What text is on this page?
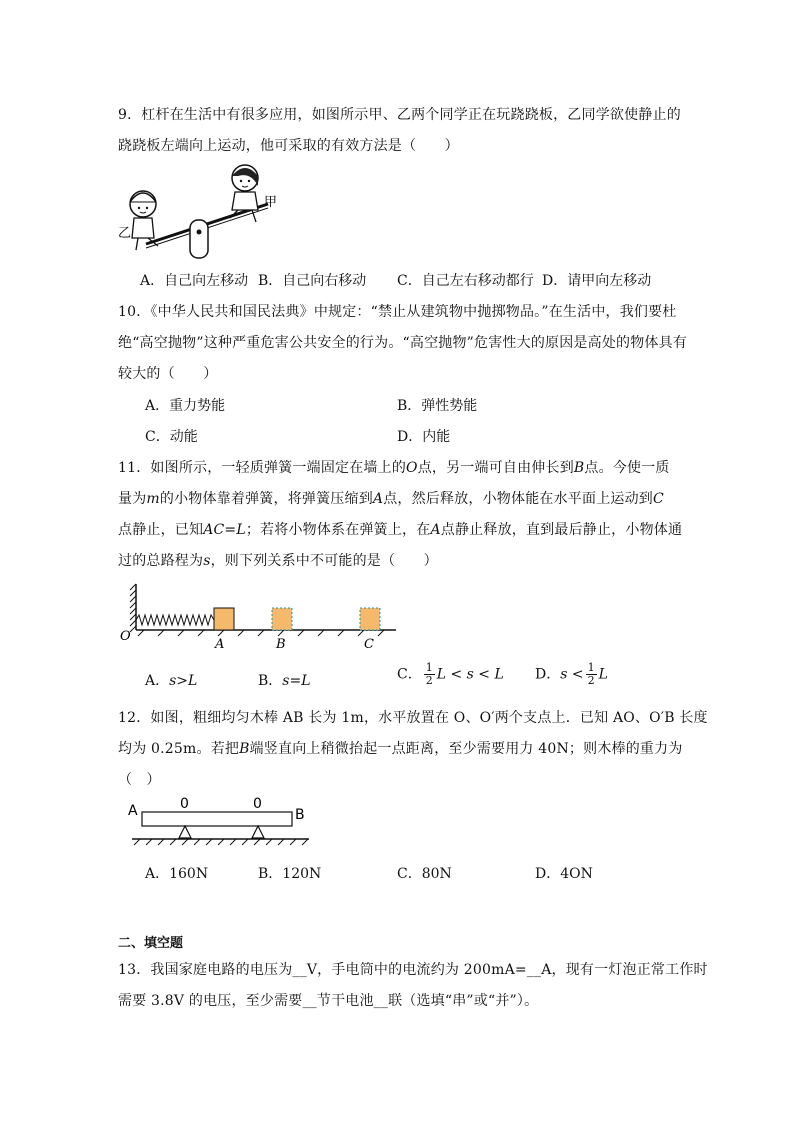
9．杠杆在生活中有很多应用，如图所示甲、乙两个同学正在玩跷跷板，乙同学欲使静止的
跷跷板左端向上运动，他可采取的有效方法是（　　）
甲
乙
A．自己向左移动 B．自己向右移动 C．自己左右移动都行 D．请甲向左移动
10．《中华人民共和国民法典》中规定：“禁止从建筑物中抛掷物品。”在生活中，我们要杜
绝“高空抛物”这种严重危害公共安全的行为。“高空抛物”危害性大的原因是高处的物体具有
较大的（　　）
A．重力势能	B．弹性势能
C．动能	D．内能
11．如图所示，一轻质弹簧一端固定在墙上的O点，另一端可自由伸长到B点。今使一质
量为m的小物体靠着弹簧，将弹簧压缩到A点，然后释放，小物体能在水平面上运动到C
点静止，已知AC=L；若将小物体系在弹簧上，在A点静止释放，直到最后静止，小物体通
过的总路程为s，则下列关系中不可能的是（　　）
O
A	B	C
A．s>L	B．s=L	C． $\frac{1}{2}$ L < s < L D．$s < \frac{1}{2}$ L
12．如图，粗细均匀木棒 AB 长为 1m，水平放置在 O、O′两个支点上．已知 AO、O′B 长度
均为 0.25m。若把B端竖直向上稍微抬起一点距离，至少需要用力 40N；则木棒的重力为
（　）
A	B
0	0
A．160N	B．120N	C．80N	D．4ON
二、填空题
13．我国家庭电路的电压为__V，手电筒中的电流约为 200mA=__A，现有一灯泡正常工作时
需要 3.8V 的电压，至少需要__节干电池__联（选填“串”或“并”）。
